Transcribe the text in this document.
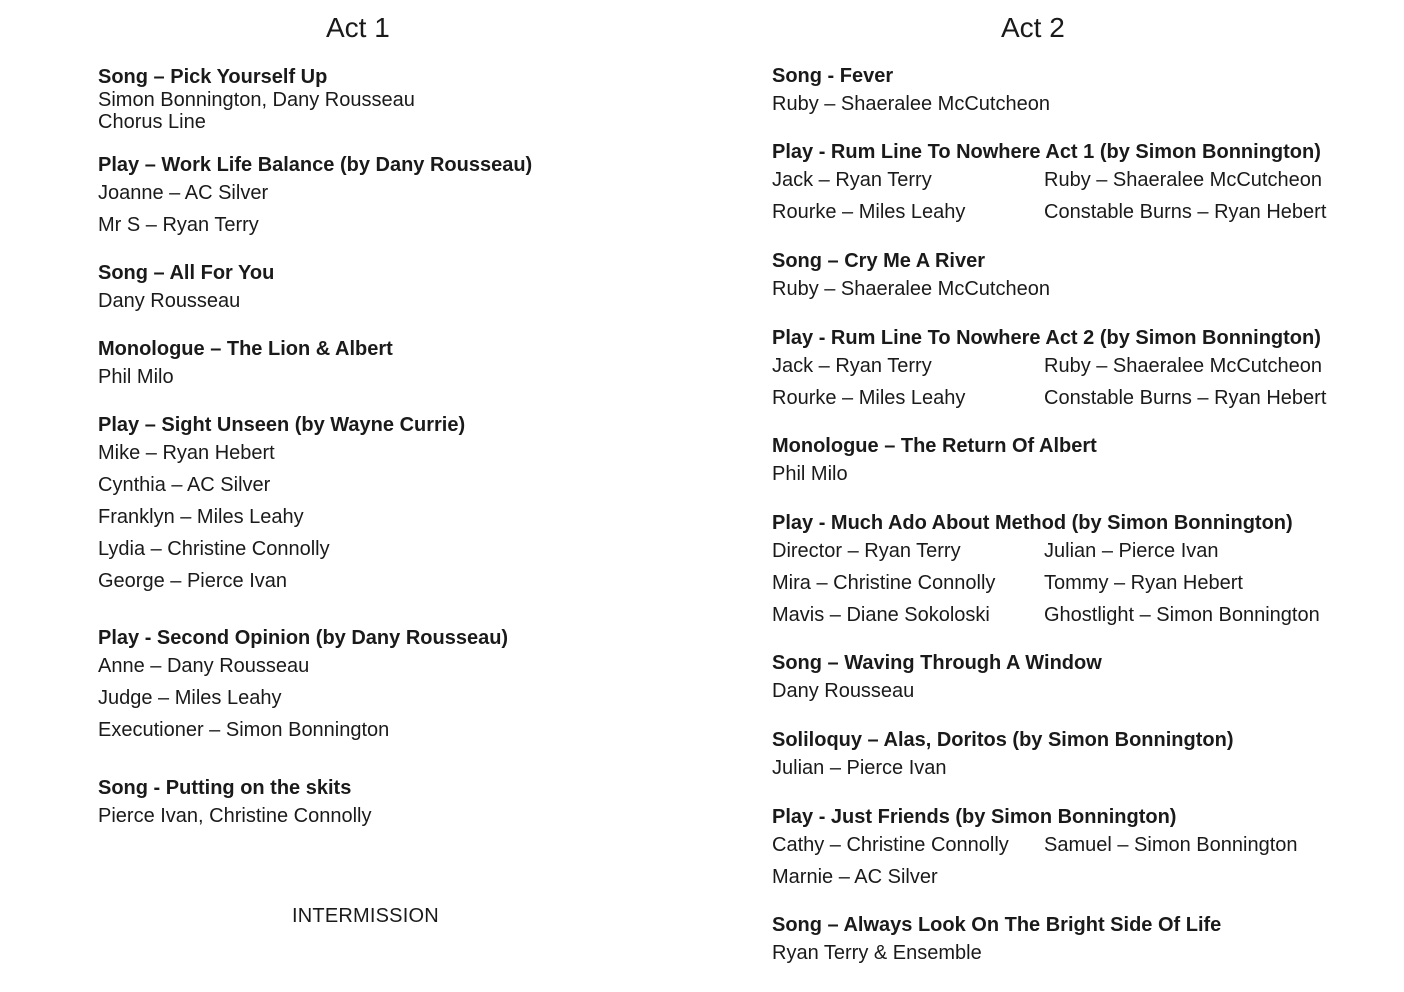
Act 1	Act 2
Song – Pick Yourself Up
Simon Bonnington, Dany Rousseau
Chorus Line
Play – Work Life Balance (by Dany Rousseau)
Joanne – AC Silver
Mr S – Ryan Terry
Song – All For You
Dany Rousseau
Monologue – The Lion & Albert
Phil Milo
Play – Sight Unseen (by Wayne Currie)
Mike – Ryan Hebert
Cynthia – AC Silver
Franklyn – Miles Leahy
Lydia – Christine Connolly
George – Pierce Ivan
Play - Second Opinion (by Dany Rousseau)
Anne – Dany Rousseau
Judge – Miles Leahy
Executioner – Simon Bonnington
Song - Putting on the skits
Pierce Ivan, Christine Connolly
INTERMISSION
Song - Fever
Ruby – Shaeralee McCutcheon
Play - Rum Line To Nowhere Act 1 (by Simon Bonnington)
Jack – Ryan Terry	Ruby – Shaeralee McCutcheon
Rourke – Miles Leahy	Constable Burns – Ryan Hebert
Song – Cry Me A River
Ruby – Shaeralee McCutcheon
Play - Rum Line To Nowhere Act 2 (by Simon Bonnington)
Jack – Ryan Terry	Ruby – Shaeralee McCutcheon
Rourke – Miles Leahy	Constable Burns – Ryan Hebert
Monologue – The Return Of Albert
Phil Milo
Play - Much Ado About Method (by Simon Bonnington)
Director – Ryan Terry	Julian – Pierce Ivan
Mira – Christine Connolly	Tommy – Ryan Hebert
Mavis – Diane Sokoloski	Ghostlight – Simon Bonnington
Song – Waving Through A Window
Dany Rousseau
Soliloquy – Alas, Doritos (by Simon Bonnington)
Julian – Pierce Ivan
Play - Just Friends (by Simon Bonnington)
Cathy – Christine Connolly	Samuel – Simon Bonnington
Marnie – AC Silver
Song – Always Look On The Bright Side Of Life
Ryan Terry & Ensemble
